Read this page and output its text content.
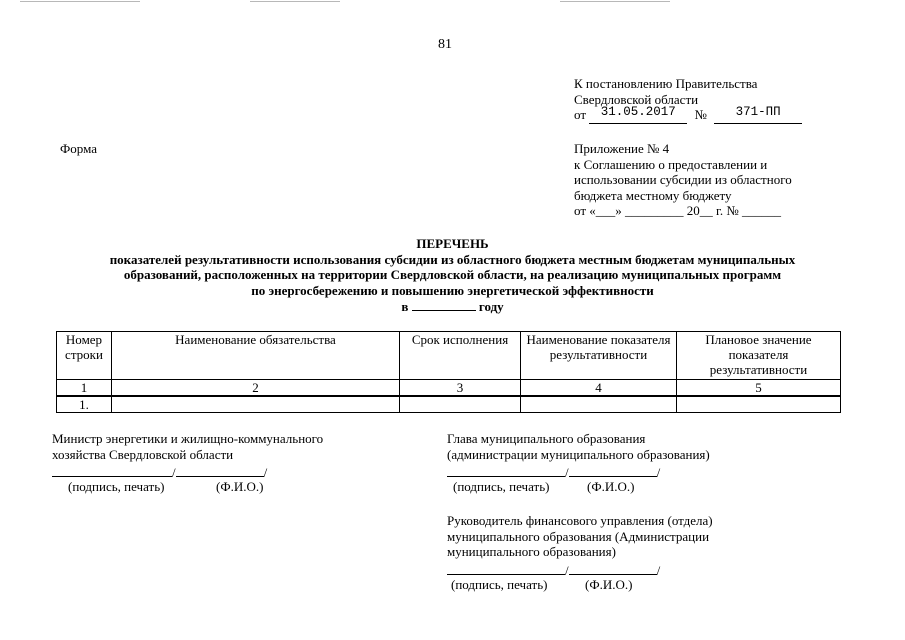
81
К постановлению Правительства
Свердловской области
от 31.05.2017 № 371-ПП
Форма	Приложение № 4
к Соглашению о предоставлении и
использовании субсидии из областного
бюджета местному бюджету
от «___» _________ 20__ г. № ______
ПЕРЕЧЕНЬ
показателей результативности использования субсидии из областного бюджета местным бюджетам муниципальных
образований, расположенных на территории Свердловской области, на реализацию муниципальных программ
по энергосбережению и повышению энергетической эффективности
в	году
Номер строки	Наименование обязательства	Срок исполнения	Наименование показателя результативности	Плановое значение показателя результативности
1	2	3	4	5
1.				
Министр энергетики и жилищно-коммунального
хозяйства Свердловской области
/	/
(подпись, печать)	(Ф.И.О.)
Глава муниципального образования
(администрации муниципального образования)
/	/
(подпись, печать)	(Ф.И.О.)
Руководитель финансового управления (отдела)
муниципального образования (Администрации
муниципального образования)
/	/
(подпись, печать)	(Ф.И.О.)
